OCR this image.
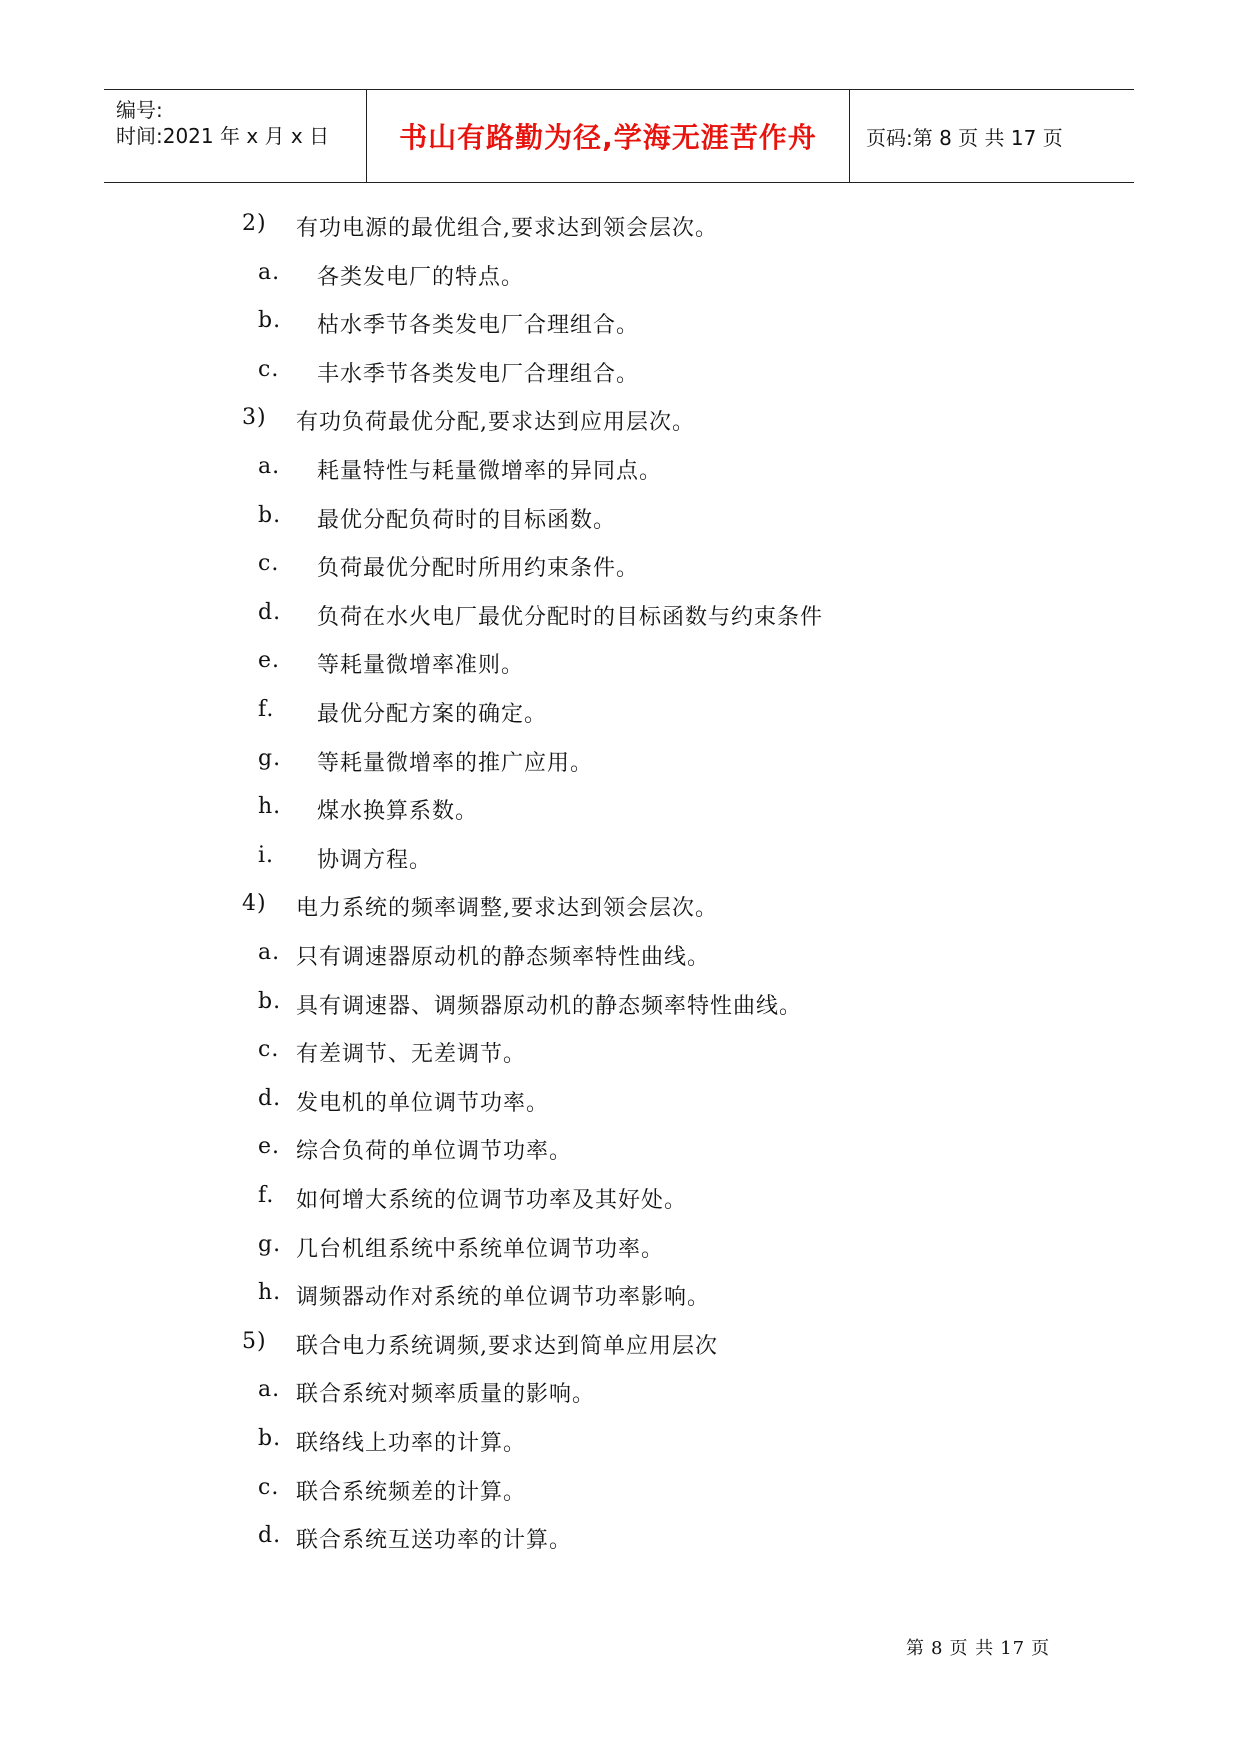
编号:
时间:2021 年 x 月 x 日	书山有路勤为径,学海无涯苦作舟	页码:第 8 页 共 17 页
2) 有功电源的最优组合,要求达到领会层次。
a. 各类发电厂的特点。
b. 枯水季节各类发电厂合理组合。
c. 丰水季节各类发电厂合理组合。
3) 有功负荷最优分配,要求达到应用层次。
a. 耗量特性与耗量微增率的异同点。
b. 最优分配负荷时的目标函数。
c. 负荷最优分配时所用约束条件。
d. 负荷在水火电厂最优分配时的目标函数与约束条件
e. 等耗量微增率准则。
f. 最优分配方案的确定。
g. 等耗量微增率的推广应用。
h. 煤水换算系数。
i. 协调方程。
4) 电力系统的频率调整,要求达到领会层次。
a. 只有调速器原动机的静态频率特性曲线。
b. 具有调速器、调频器原动机的静态频率特性曲线。
c. 有差调节、无差调节。
d. 发电机的单位调节功率。
e. 综合负荷的单位调节功率。
f. 如何增大系统的位调节功率及其好处。
g. 几台机组系统中系统单位调节功率。
h. 调频器动作对系统的单位调节功率影响。
5) 联合电力系统调频,要求达到简单应用层次
a. 联合系统对频率质量的影响。
b. 联络线上功率的计算。
c. 联合系统频差的计算。
d. 联合系统互送功率的计算。
第 8 页 共 17 页
